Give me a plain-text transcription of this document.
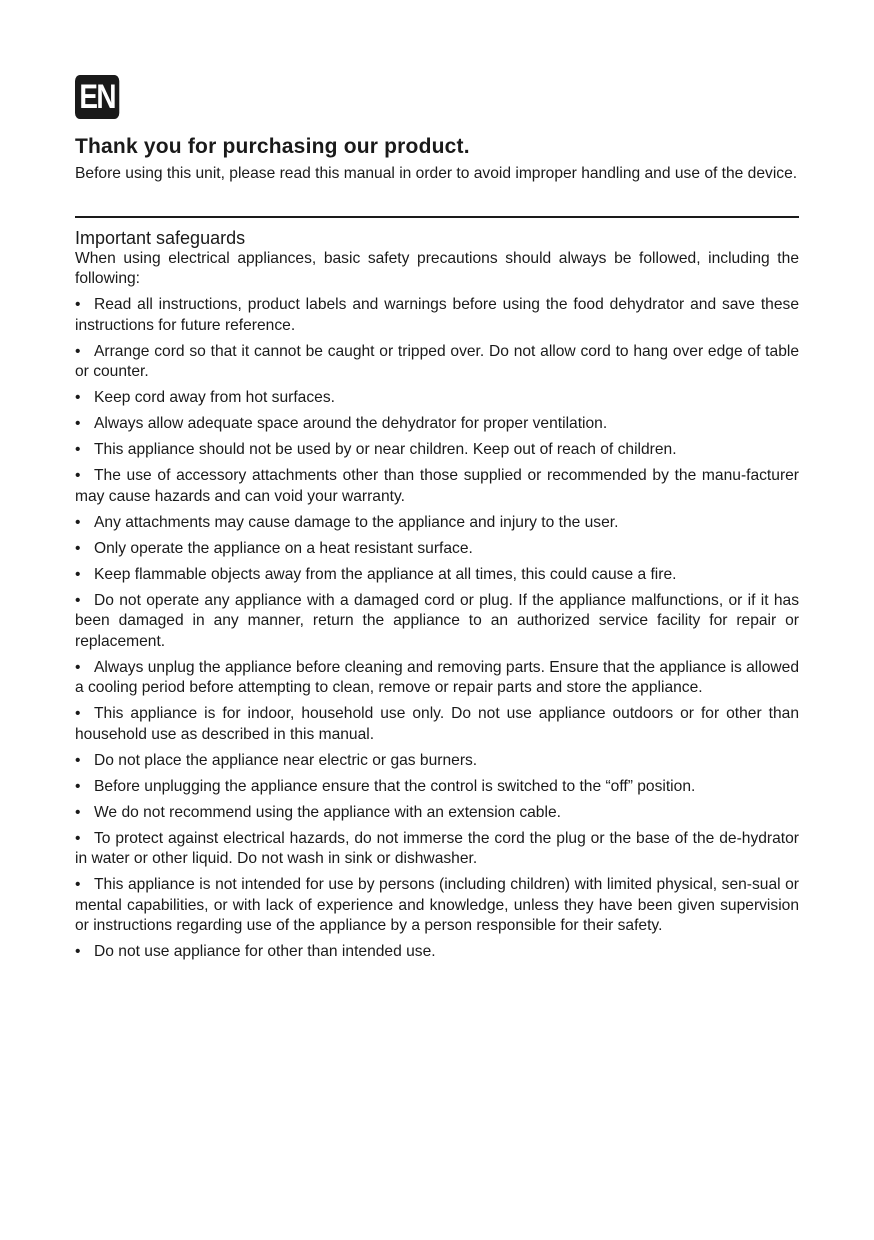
EN
Thank you for purchasing our product.

Before using this unit, please read this manual in order to avoid improper handling and use of the device.

Important safeguards

When using electrical appliances, basic safety precautions should always be followed, including the following:

• Read all instructions, product labels and warnings before using the food dehydrator and save these instructions for future reference.
• Arrange cord so that it cannot be caught or tripped over. Do not allow cord to hang over edge of table or counter.
• Keep cord away from hot surfaces.
• Always allow adequate space around the dehydrator for proper ventilation.
• This appliance should not be used by or near children. Keep out of reach of children.
• The use of accessory attachments other than those supplied or recommended by the manu-facturer may cause hazards and can void your warranty.
• Any attachments may cause damage to the appliance and injury to the user.
• Only operate the appliance on a heat resistant surface.
• Keep flammable objects away from the appliance at all times, this could cause a fire.
• Do not operate any appliance with a damaged cord or plug. If the appliance malfunctions, or if it has been damaged in any manner, return the appliance to an authorized service facility for repair or replacement.
• Always unplug the appliance before cleaning and removing parts. Ensure that the appliance is allowed a cooling period before attempting to clean, remove or repair parts and store the appliance.
• This appliance is for indoor, household use only. Do not use appliance outdoors or for other than household use as described in this manual.
• Do not place the appliance near electric or gas burners.
• Before unplugging the appliance ensure that the control is switched to the “off” position.
• We do not recommend using the appliance with an extension cable.
• To protect against electrical hazards, do not immerse the cord the plug or the base of the de-hydrator in water or other liquid. Do not wash in sink or dishwasher.
• This appliance is not intended for use by persons (including children) with limited physical, sen-sual or mental capabilities, or with lack of experience and knowledge, unless they have been given supervision or instructions regarding use of the appliance by a person responsible for their safety.
• Do not use appliance for other than intended use.
